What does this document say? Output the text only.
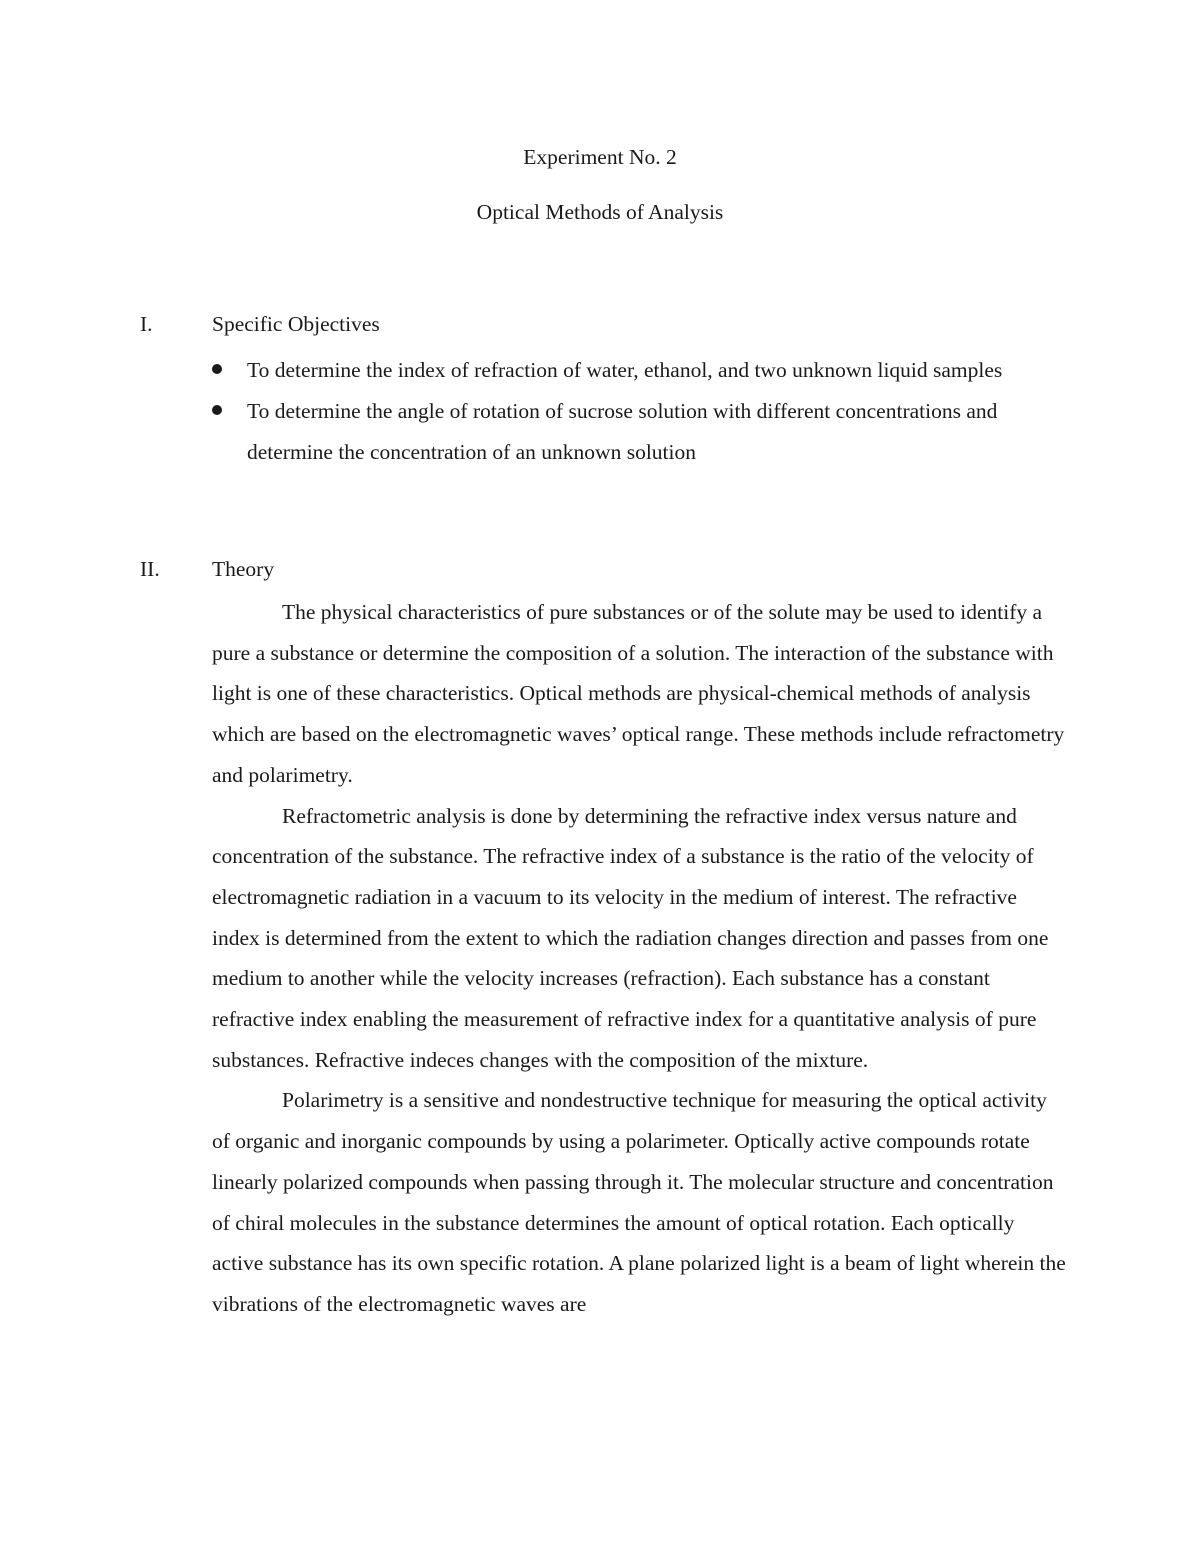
Experiment No. 2
Optical Methods of Analysis
I.	Specific Objectives
To determine the index of refraction of water, ethanol, and two unknown liquid samples
To determine the angle of rotation of sucrose solution with different concentrations and determine the concentration of an unknown solution
II. Theory

The physical characteristics of pure substances or of the solute may be used to identify a pure a substance or determine the composition of a solution. The interaction of the substance with light is one of these characteristics. Optical methods are physical-chemical methods of analysis which are based on the electromagnetic waves’ optical range. These methods include refractometry and polarimetry.

Refractometric analysis is done by determining the refractive index versus nature and concentration of the substance. The refractive index of a substance is the ratio of the velocity of electromagnetic radiation in a vacuum to its velocity in the medium of interest. The refractive index is determined from the extent to which the radiation changes direction and passes from one medium to another while the velocity increases (refraction). Each substance has a constant refractive index enabling the measurement of refractive index for a quantitative analysis of pure substances. Refractive indeces changes with the composition of the mixture.

Polarimetry is a sensitive and nondestructive technique for measuring the optical activity of organic and inorganic compounds by using a polarimeter. Optically active compounds rotate linearly polarized compounds when passing through it. The molecular structure and concentration of chiral molecules in the substance determines the amount of optical rotation. Each optically active substance has its own specific rotation. A plane polarized light is a beam of light wherein the vibrations of the electromagnetic waves are
